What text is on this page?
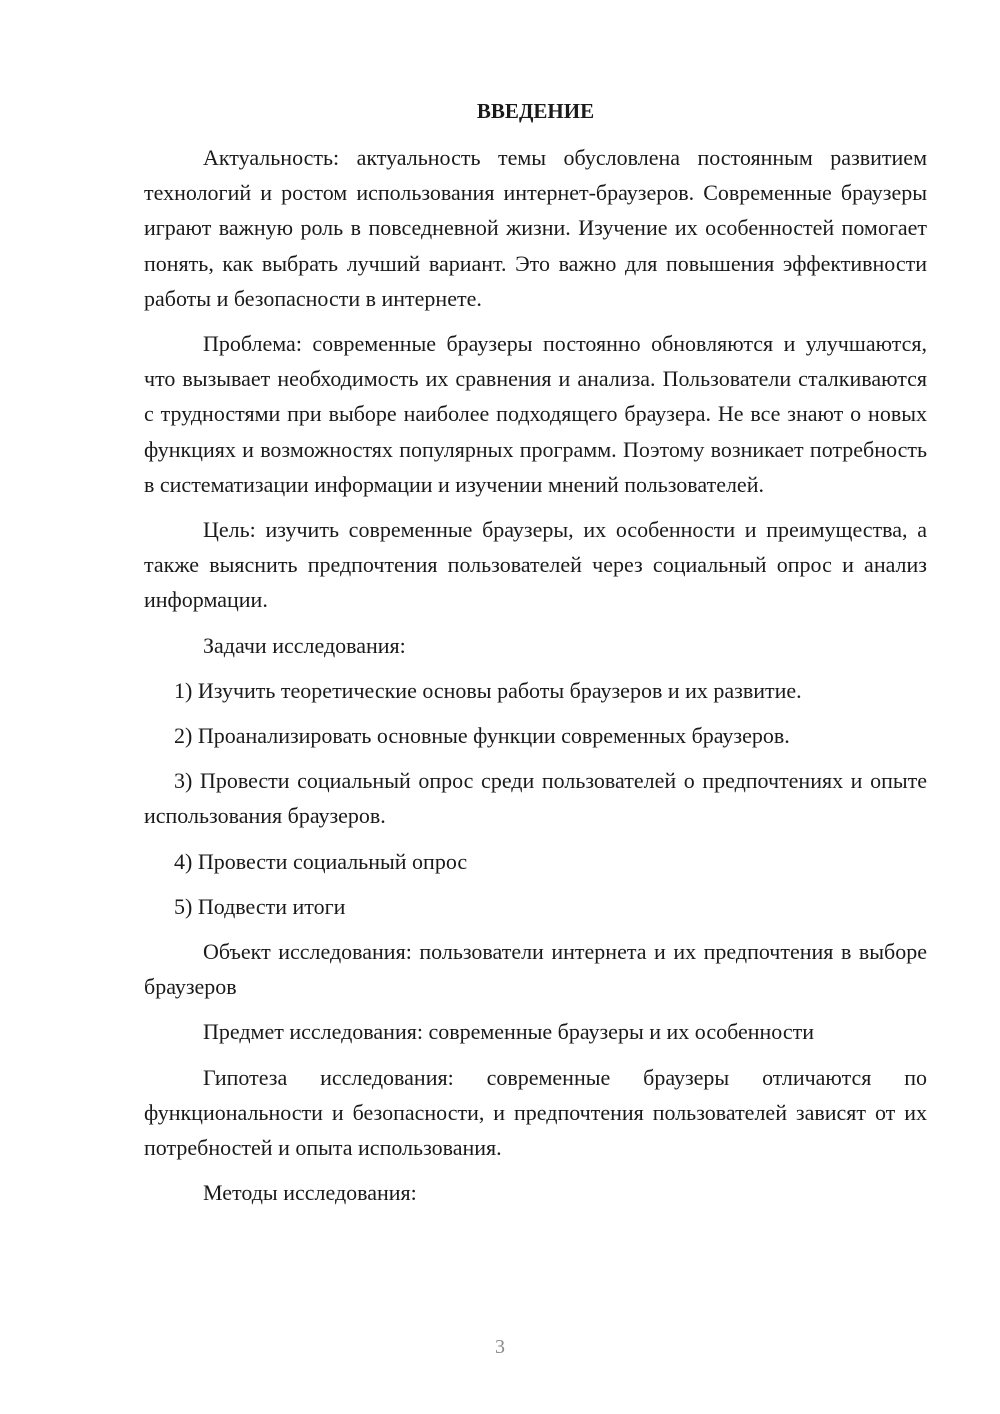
ВВЕДЕНИЕ

Актуальность: актуальность темы обусловлена постоянным развитием технологий и ростом использования интернет-браузеров. Современные браузеры играют важную роль в повседневной жизни. Изучение их особенностей помогает понять, как выбрать лучший вариант. Это важно для повышения эффективности работы и безопасности в интернете.

Проблема: современные браузеры постоянно обновляются и улучшаются, что вызывает необходимость их сравнения и анализа. Пользователи сталкиваются с трудностями при выборе наиболее подходящего браузера. Не все знают о новых функциях и возможностях популярных программ. Поэтому возникает потребность в систематизации информации и изучении мнений пользователей.

Цель: изучить современные браузеры, их особенности и преимущества, а также выяснить предпочтения пользователей через социальный опрос и анализ информации.

Задачи исследования:

1) Изучить теоретические основы работы браузеров и их развитие.

2) Проанализировать основные функции современных браузеров.

3) Провести социальный опрос среди пользователей о предпочтениях и опыте использования браузеров.

4) Провести социальный опрос

5) Подвести итоги

Объект исследования: пользователи интернета и их предпочтения в выборе браузеров

Предмет исследования: современные браузеры и их особенности

Гипотеза исследования: современные браузеры отличаются по функциональности и безопасности, и предпочтения пользователей зависят от их потребностей и опыта использования.

Методы исследования:

3
